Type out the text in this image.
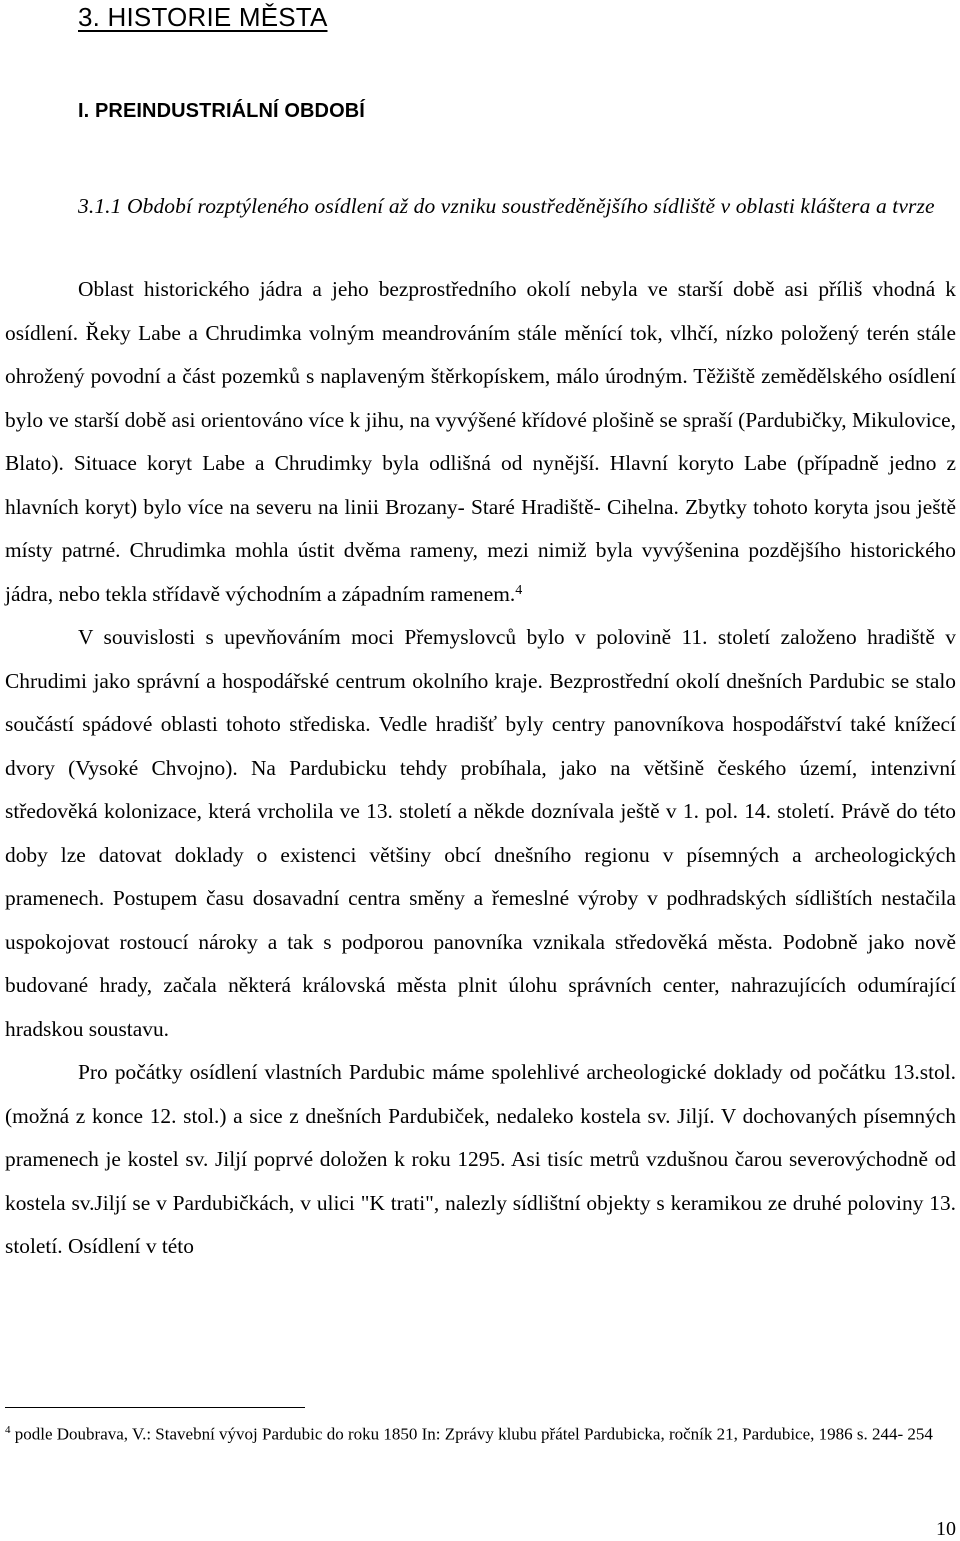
3. HISTORIE MĚSTA
I. PREINDUSTRIÁLNÍ OBDOBÍ
3.1.1 Období rozptýleného osídlení až do vzniku soustředěnějšího sídliště v oblasti kláštera a tvrze

Oblast historického jádra a jeho bezprostředního okolí nebyla ve starší době asi příliš vhodná k osídlení. Řeky Labe a Chrudimka volným meandrováním stále měnící tok, vlhčí, nízko položený terén stále ohrožený povodní a část pozemků s naplaveným štěrkopískem, málo úrodným. Těžiště zemědělského osídlení bylo ve starší době asi orientováno více k jihu, na vyvýšené křídové plošině se spraší (Pardubičky, Mikulovice, Blato). Situace koryt Labe a Chrudimky byla odlišná od nynější. Hlavní koryto Labe (případně jedno z hlavních koryt) bylo více na severu na linii Brozany- Staré Hradiště- Cihelna. Zbytky tohoto koryta jsou ještě místy patrné. Chrudimka mohla ústit dvěma rameny, mezi nimiž byla vyvýšenina pozdějšího historického jádra, nebo tekla střídavě východním a západním ramenem.$^4$

V souvislosti s upevňováním moci Přemyslovců bylo v polovině 11. století založeno hradiště v Chrudimi jako správní a hospodářské centrum okolního kraje. Bezprostřední okolí dnešních Pardubic se stalo součástí spádové oblasti tohoto střediska. Vedle hradišť byly centry panovníkova hospodářství také knížecí dvory (Vysoké Chvojno). Na Pardubicku tehdy probíhala, jako na většině českého území, intenzivní středověká kolonizace, která vrcholila ve 13. století a někde doznívala ještě v 1. pol. 14. století. Právě do této doby lze datovat doklady o existenci většiny obcí dnešního regionu v písemných a archeologických pramenech. Postupem času dosavadní centra směny a řemeslné výroby v podhradských sídlištích nestačila uspokojovat rostoucí nároky a tak s podporou panovníka vznikala středověká města. Podobně jako nově budované hrady, začala některá královská města plnit úlohu správních center, nahrazujících odumírající hradskou soustavu.

Pro počátky osídlení vlastních Pardubic máme spolehlivé archeologické doklady od počátku 13.stol. (možná z konce 12. stol.) a sice z dnešních Pardubiček, nedaleko kostela sv. Jiljí. V dochovaných písemných pramenech je kostel sv. Jiljí poprvé doložen k roku 1295. Asi tisíc metrů vzdušnou čarou severovýchodně od kostela sv.Jiljí se v Pardubičkách, v ulici "K trati", nalezly sídlištní objekty s keramikou ze druhé poloviny 13. století. Osídlení v této

$^4$ podle Doubrava, V.: Stavební vývoj Pardubic do roku 1850 In: Zprávy klubu přátel Pardubicka, ročník 21, Pardubice, 1986 s. 244- 254

10
